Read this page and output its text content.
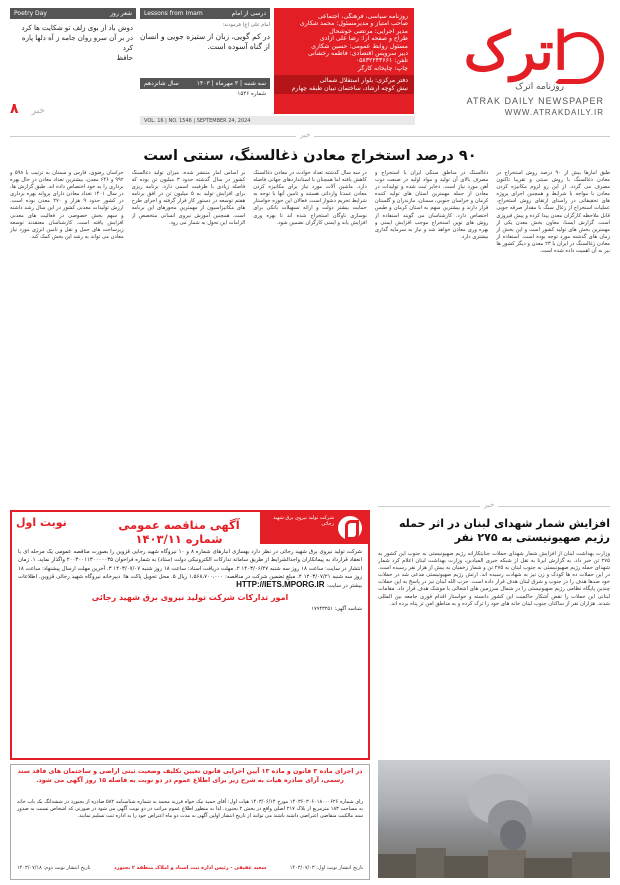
اترک
روزنامه اترک
ATRAK DAILY NEWSPAPER
WWW.ATRAKDAILY.IR
روزنامه سیاسی، فرهنگی، اجتماعی
صاحب امتیاز و مدیرمسئول: محمد شکاری
مدیر اجرایی: مرتضی خوشحال
طراح و صفحه آرا: رضا علی آزادی
مسئول روابط عمومی: حسین شکاری
دبیر سرویس اقتصادی: فاطمه رخشانی
تلفن: ۰۵۸۳۲۲۴۳۶۶۱
چاپ: چاپخانه کارگر
دفتر مرکزی: بلوار استقلال شمالی
نبش کوچه ارشاد، ساختمان تبیان طبقه چهارم
درسی از امام
Lessons from Imam
امام علی (ع) فرمودند:
در کم گویی، زبان از ستیزه جویی و انسان از گناه آسوده است.
سه شنبه | ۳ مهرماه | ۱۴۰۳
سال شانزدهم
شماره ۱۵۴۶
Poetry Day	شعر روز
دوش باد از بوی زلف تو شکایت ها کرد
در بر آن سرو روان جامه ز آه دلها پاره کرد
حافظ
۸ خبر
VOL. 16 | NO. 1546 | SEPTEMBER 24, 2024
خبر
۹۰ درصد استخراج معادن ذغالسنگ، سنتی است
طبق آمارها بیش از ۹۰ درصد روش استخراج در معادن ذغالسنگ با روش سنتی و تقریبا تاکنون مصرف می گردد. از این رو لزوم مکانیزه کردن معادن با مواجه با شرایط و همچنین اجرای پروژه های تحقیقاتی در راستای ارتقای روش استخراج، عملیات استخراج از زغال سنگ با مقدار صرفه جویی قابل ملاحظه کارگران معدن پیدا کرده و پیش فیروزی است. گزارش ایسنا، معاون بخش معدن یکی از مهمترین بخش های تولید کشور است و این بخش از زمان های گذشته مورد توجه بوده است. استفاده از معادن زغالسنگ در ایران با ۲۳ معدن و دیگر کشور ها نیز به آن اهمیت داده شده است.
ذغالسنگ در مناطق سنگی ایران با استخراج و مصرف بالای آن تولید و مواد اولیه در صنعت ذوب آهن مورد نیاز است. ذخایر ثبت شده و تولیدات در معادن از جمله مهمترین استان های تولید کننده کرمان و خراسان جنوبی، سمنان، مازندران و گلستان قرار دارند و بیشترین سهم به استان کرمان و طبس اختصاص دارد. کارشناسان می گویند استفاده از روش های نوین استخراج موجب افزایش ایمنی و بهره وری معادن خواهد شد و نیاز به سرمایه گذاری بیشتری دارد.
در سه سال گذشته تعداد حوادث در معادن ذغالسنگ کاهش یافته اما همچنان با استانداردهای جهانی فاصله دارد. ماشین آلات مورد نیاز برای مکانیزه کردن معادن عمدتا وارداتی هستند و تامین آنها با توجه به شرایط تحریم دشوار است. فعالان این حوزه خواستار حمایت بیشتر دولت و ارائه تسهیلات بانکی برای نوسازی ناوگان استخراج شده اند تا بهره وری افزایش یابد و ایمنی کارگران تضمین شود.
بر اساس آمار منتشر شده، میزان تولید ذغالسنگ کشور در سال گذشته حدود ۳ میلیون تن بوده که فاصله زیادی با ظرفیت اسمی دارد. برنامه ریزی برای افزایش تولید به ۵ میلیون تن در افق برنامه هفتم توسعه در دستور کار قرار گرفته و اجرای طرح های مکانیزاسیون از مهمترین محورهای این برنامه است. همچنین آموزش نیروی انسانی متخصص از الزامات این تحول به شمار می رود.
خراسان رضوی، فارس و سمنان به ترتیب با ۵۹۸ و ۹۹۲ و ۶۴۶ معدن، بیشترین تعداد معادن در حال بهره برداری را به خود اختصاص داده اند. طبق گزارش ها، در سال ۱۴۰۱ تعداد معادن دارای پروانه بهره برداری در کشور حدود ۹ هزار و ۲۷۰ معدن بوده است. ارزش تولیدات معدنی کشور در این سال رشد داشته و سهم بخش خصوصی در فعالیت های معدنی افزایش یافته است. کارشناسان معتقدند توسعه زیرساخت های حمل و نقل و تامین انرژی مورد نیاز معادن می تواند به رشد این بخش کمک کند.
خبر
افزایش شمار شهدای لبنان در اثر حمله رژیم صهیونیستی به ۲۷۵ نفر
وزارت بهداشت لبنان از افزایش شمار شهدای حملات جنایتکارانه رژیم صهیونیستی به جنوب این کشور به ۲۷۵ تن خبر داد. به گزارش ایرنا به نقل از شبکه خبری المیادین، وزارت بهداشت لبنان اعلام کرد شمار شهدای حمله رژیم صهیونیستی به جنوب لبنان به ۲۷۵ تن و شمار زخمیان به بیش از هزار نفر رسیده است. در این حملات ده ها کودک و زن نیز به شهادت رسیده اند. ارتش رژیم صهیونیستی مدعی شد در حملات خود صدها هدف را در جنوب و شرق لبنان هدف قرار داده است. حزب الله لبنان نیز در پاسخ به این حملات چندین پایگاه نظامی رژیم صهیونیستی را در شمال سرزمین های اشغالی با موشک هدف قرار داد. مقامات لبنانی این حملات را نقض آشکار حاکمیت این کشور دانسته و خواستار اقدام فوری جامعه بین المللی شدند. هزاران نفر از ساکنان جنوب لبنان خانه های خود را ترک کرده و به مناطق امن تر پناه برده اند.
شرکت تولید نیروی برق شهید رجائی
آگهی مناقصه عمومی شماره ۱۴۰۳/۱۱
نوبت اول
شرکت تولید نیروی برق شهید رجائی در نظر دارد بهسازی انبارهای شماره ۸ و ۱۰ نیروگاه شهید رجایی قزوین را بصورت مناقصه عمومی یک مرحله ای با انعقاد قرارداد به پیمانکاران واجدالشرایط از طریق سامانه تدارکات الکترونیکی دولت (ستاد) به شماره فراخوان ۲۰۰۳۰۰۱۱۳۰۰۰۰۰۳۵ واگذار نماید. ۱. زمان انتشار در سایت: ساعت ۱۸ روز سه شنبه ۱۴۰۳/۰۶/۲۷ ۲. مهلت دریافت اسناد: ساعت ۱۸ روز شنبه ۱۴۰۳/۰۷/۰۷ ۳. آخرین مهلت ارسال پیشنهاد: ساعت ۱۸ روز سه شنبه ۱۴۰۳/۰۷/۲۱ ۴. مبلغ تضمین شرکت در مناقصه: ۱،۵۶۸،۷۰۰،۰۰۰ ریال ۵. محل تحویل پاکت ها: دبیرخانه نیروگاه شهید رجائی قزوین. اطلاعات بیشتر در سایت: HTTP://IETS.MPORG.IR
امور تدارکات شرکت تولید نیروی برق شهید رجائی
شناسه آگهی: ۱۷۹۴۳۲۵۱
در اجرای ماده ۳ قانون و ماده ۱۳ آیین اجرایی قانون تعیین تکلیف وضعیت ثبتی اراضی و ساختمان های فاقد سند رسمی، آرای صادره هیات به شرح زیر برای اطلاع عموم در دو نوبت به فاصله ۱۵ روز آگهی می شود.
رای شماره ۱۴۰۳۶۰۳۰۶۰۱۸۰۰۰۶۲۶ مورخ ۱۴۰۳/۰۶/۱۴ هیات اول: آقای حمید نیک خواه فرزند محمد به شماره شناسنامه ۵۸۲ صادره از بجنورد در ششدانگ یک باب خانه به مساحت ۱۸۳ مترمربع از پلاک ۲۱۷ اصلی واقع در بخش ۲ بجنورد. لذا به منظور اطلاع عموم مراتب در دو نوبت آگهی می شود در صورتی که اشخاص نسبت به صدور سند مالکیت متقاضی اعتراضی داشته باشند می توانند از تاریخ انتشار اولین آگهی به مدت دو ماه اعتراض خود را به اداره ثبت تسلیم نمایند.
تاریخ انتشار نوبت اول: ۱۴۰۳/۰۷/۰۳
سعید عقیقی - رئیس اداره ثبت اسناد و املاک منطقه ۲ بجنورد
تاریخ انتشار نوبت دوم: ۱۴۰۳/۰۷/۱۸
